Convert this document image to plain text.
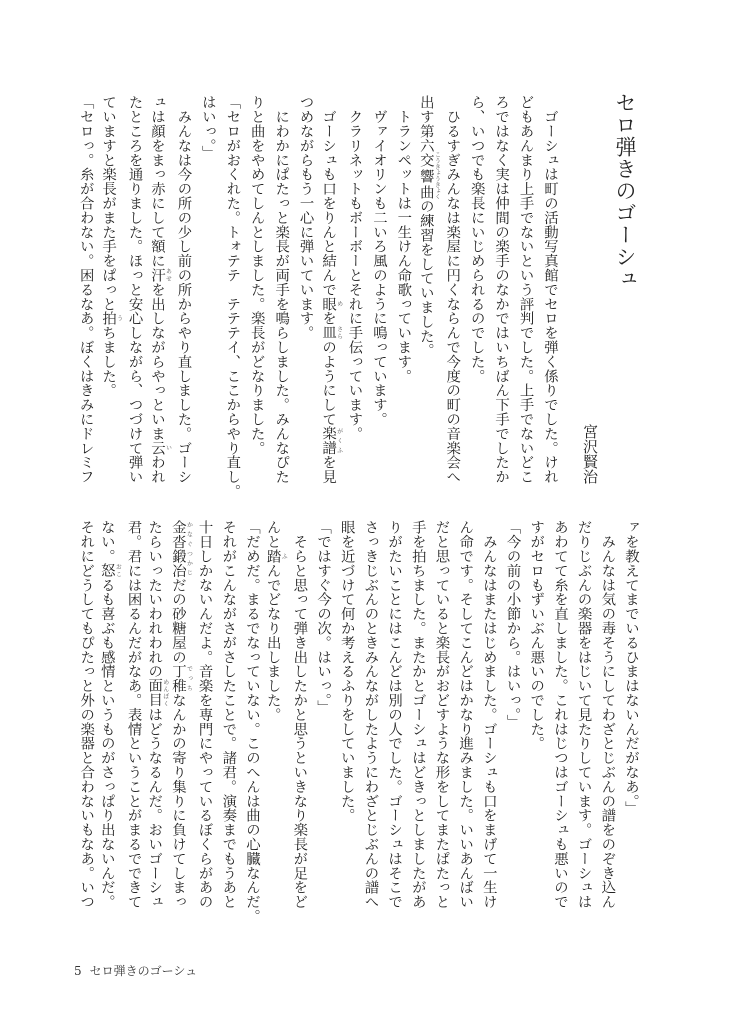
セロ弾きのゴーシュ
宮沢賢治
　ゴーシュは町の活動写真館でセロを弾く係りでした。けれ
どもあんまり上手でないという評判でした。上手でないどこ
ろではなく実は仲間の楽手のなかではいちばん下手でしたか
ら、いつでも楽長にいじめられるのでした。
　ひるすぎみんなは楽屋に円くならんで今度の町の音楽会へ
出す第六交響曲 こうきょうきょくの練習をしていました。
　トランペットは一生けん命歌っています。
　ヴァイオリンも二いろ風のように鳴っています。
　クラリネットもボーボーとそれに手伝っています。
　ゴーシュも口をりんと結んで眼 めを皿 さらのようにして楽譜 がくふを見
つめながらもう一心に弾いています。
　にわかにぱたっと楽長が両手を鳴らしました。みんなぴた
りと曲をやめてしんとしました。楽長がどなりました。
「セロがおくれた。トォテテ　テテテイ、ここからやり直し。
はいっ。」
　みんなは今の所の少し前の所からやり直しました。ゴーシ
ュは顔をまっ赤にして額に汗 あせを出しながらやっといま云 いわれ
たところを通りました。ほっと安心しながら、つづけて弾い
ていますと楽長がまた手をぱっと拍 うちました。
「セロっ。糸が合わない。困るなあ。ぼくはきみにドレミフ
ァを教えてまでいるひまはないんだがなあ。」
　みんなは気の毒そうにしてわざとじぶんの譜をのぞき込ん
だりじぶんの楽器をはじいて見たりしています。ゴーシュは
あわてて糸を直しました。これはじつはゴーシュも悪いので
すがセロもずいぶん悪いのでした。
「今の前の小節から。はいっ。」
　みんなはまたはじめました。ゴーシュも口をまげて一生け
ん命です。そしてこんどはかなり進みました。いいあんばい
だと思っていると楽長がおどすような形をしてまたぱたっと
手を拍ちました。またかとゴーシュはどきっとしましたがあ
りがたいことにはこんどは別の人でした。ゴーシュはそこで
さっきじぶんのときみんながしたようにわざとじぶんの譜へ
眼を近づけて何か考えるふりをしていました。
「ではすぐ今の次。はいっ。」
　そらと思って弾き出したかと思うといきなり楽長が足をど
んと踏 ふんでどなり出しました。
「だめだ。まるでなっていない。このへんは曲の心臓なんだ。
それがこんながさがさしたことで。諸君。演奏までもうあと
十日しかないんだよ。音楽を専門にやっているぼくらがあの
金沓鍛冶 かなぐつかじだの砂糖屋の丁稚 でっちなんかの寄り集りに負けてしまっ
たらいったいわれわれの面目 めんぼくはどうなるんだ。おいゴーシュ
君。君には困るんだがなあ。表情ということがまるでできて
ない。怒 おこるも喜ぶも感情というものがさっぱり出ないんだ。
それにどうしてもぴたっと外の楽器と合わないもなあ。いつ
5 セロ弾きのゴーシュ
